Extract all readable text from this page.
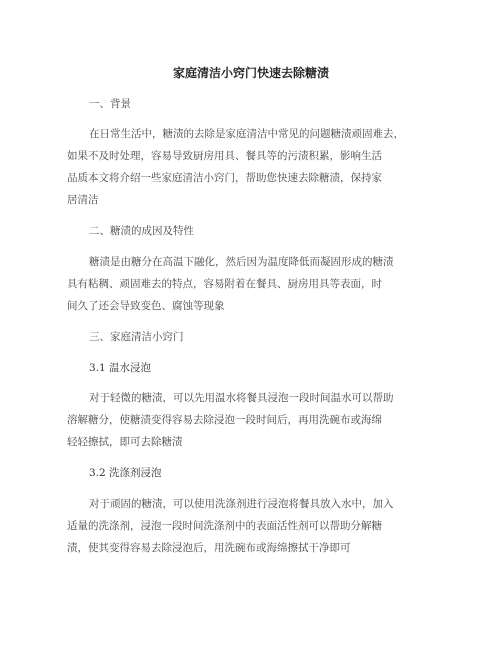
家庭清洁小窍门快速去除糖渍
一、背景
在日常生活中，糖渍的去除是家庭清洁中常见的问题糖渍顽固难去，
如果不及时处理，容易导致厨房用具、餐具等的污渍积累，影响生活
品质本文将介绍一些家庭清洁小窍门，帮助您快速去除糖渍，保持家
居清洁
二、糖渍的成因及特性
糖渍是由糖分在高温下融化，然后因为温度降低而凝固形成的糖渍
具有粘稠、顽固难去的特点，容易附着在餐具、厨房用具等表面，时
间久了还会导致变色、腐蚀等现象
三、家庭清洁小窍门
3.1 温水浸泡
对于轻微的糖渍，可以先用温水将餐具浸泡一段时间温水可以帮助
溶解糖分，使糖渍变得容易去除浸泡一段时间后，再用洗碗布或海绵
轻轻擦拭，即可去除糖渍
3.2 洗涤剂浸泡
对于顽固的糖渍，可以使用洗涤剂进行浸泡将餐具放入水中，加入
适量的洗涤剂，浸泡一段时间洗涤剂中的表面活性剂可以帮助分解糖
渍，使其变得容易去除浸泡后，用洗碗布或海绵擦拭干净即可
